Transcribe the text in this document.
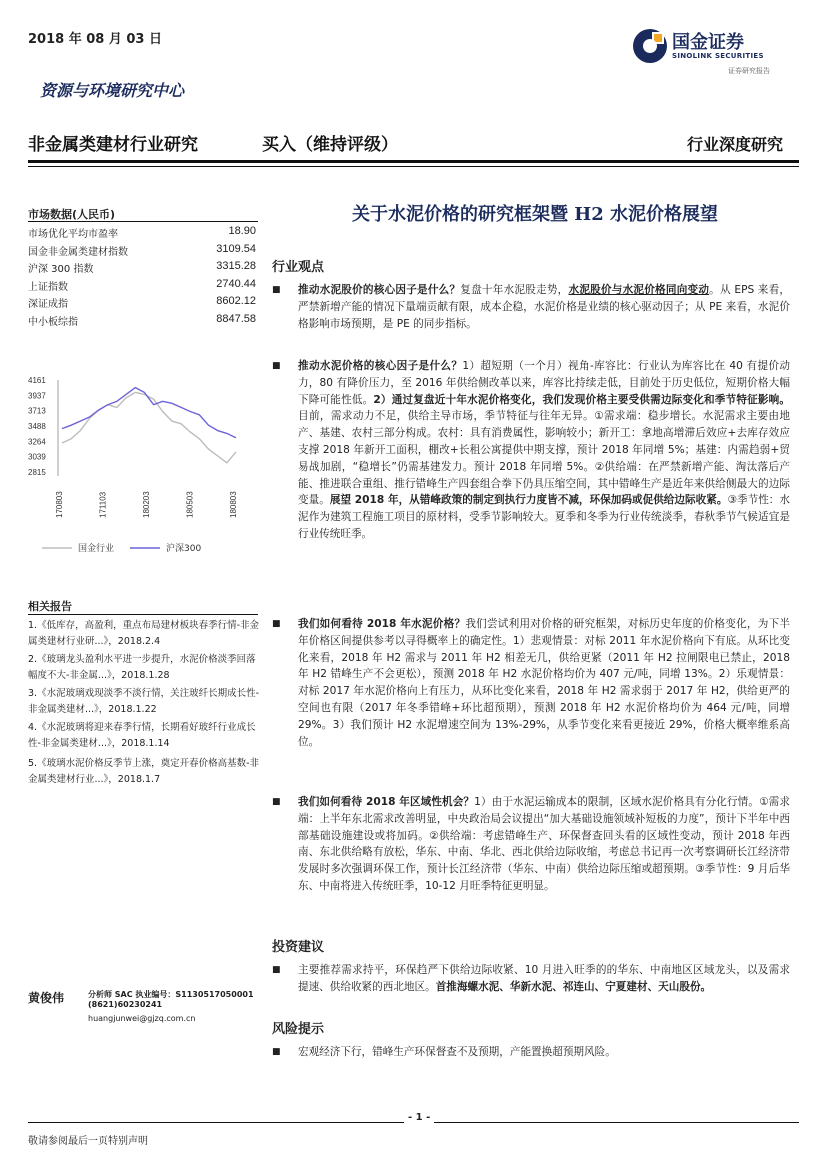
2018 年 08 月 03 日
资源与环境研究中心
非金属类建材行业研究	买入（维持评级）	行业深度研究
国金证券
SINOLINK SECURITIES
证券研究报告
市场数据(人民币)
市场优化平均市盈率	18.90
国金非金属类建材指数	3109.54
沪深 300 指数	3315.28
上证指数	2740.44
深证成指	8602.12
中小板综指	8847.58
4161
3937
3713
3488
3264
3039
2815
170803	171103	180203	180503	180803
国金行业	沪深300
相关报告
1.《低库存，高盈利，重点布局建材板块春季行情-非金属类建材行业研...》，2018.2.4
2.《玻璃龙头盈利水平进一步提升，水泥价格淡季回落幅度不大-非金属...》，2018.1.28
3.《水泥玻璃戏现淡季不淡行情，关注玻纤长期成长性-非金属类建材...》，2018.1.22
4.《水泥玻璃将迎来春季行情，长期看好玻纤行业成长性-非金属类建材...》，2018.1.14
5.《玻璃水泥价格反季节上涨，奠定开春价格高基数-非金属类建材行业...》，2018.1.7
黄俊伟	分析师 SAC 执业编号：S1130517050001
(8621)60230241
huangjunwei@gjzq.com.cn
关于水泥价格的研究框架暨 H2 水泥价格展望
行业观点
■	推动水泥股价的核心因子是什么？复盘十年水泥股走势，水泥股价与水泥价格同向变动。从 EPS 来看，严禁新增产能的情况下量端贡献有限，成本企稳，水泥价格是业绩的核心驱动因子；从 PE 来看，水泥价格影响市场预期，是 PE 的同步指标。
■	推动水泥价格的核心因子是什么？1）超短期（一个月）视角-库容比：行业认为库容比在 40 有提价动力，80 有降价压力，至 2016 年供给侧改革以来，库容比持续走低，目前处于历史低位，短期价格大幅下降可能性低。2）通过复盘近十年水泥价格变化，我们发现价格主要受供需边际变化和季节特征影响。目前，需求动力不足，供给主导市场，季节特征与往年无异。①需求端：稳步增长。水泥需求主要由地产、基建、农村三部分构成。农村：具有消费属性，影响较小；新开工：拿地高增滞后效应+去库存效应支撑 2018 年新开工面积，棚改+长租公寓提供中期支撑，预计 2018 年同增 5%；基建：内需趋弱+贸易战加剧，“稳增长”仍需基建发力。预计 2018 年同增 5%。②供给端：在严禁新增产能、淘汰落后产能、推进联合重组、推行错峰生产四套组合拳下仍具压缩空间，其中错峰生产是近年来供给侧最大的边际变量。展望 2018 年，从错峰政策的制定到执行力度皆不减，环保加码或促供给边际收紧。③季节性：水泥作为建筑工程施工项目的原材料，受季节影响较大。夏季和冬季为行业传统淡季，春秋季节气候适宜是行业传统旺季。
■	我们如何看待 2018 年水泥价格？我们尝试利用对价格的研究框架，对标历史年度的价格变化，为下半年价格区间提供参考以寻得概率上的确定性。1）悲观情景：对标 2011 年水泥价格向下有底。从环比变化来看，2018 年 H2 需求与 2011 年 H2 相差无几，供给更紧（2011 年 H2 拉闸限电已禁止，2018 年 H2 错峰生产不会更松），预测 2018 年 H2 水泥价格均价为 407 元/吨，同增 13%。2）乐观情景：对标 2017 年水泥价格向上有压力，从环比变化来看，2018 年 H2 需求弱于 2017 年 H2，供给更严的空间也有限（2017 年冬季错峰+环比超预期），预测 2018 年 H2 水泥价格均价为 464 元/吨，同增 29%。3）我们预计 H2 水泥增速空间为 13%-29%，从季节变化来看更接近 29%，价格大概率维系高位。
■	我们如何看待 2018 年区域性机会？1）由于水泥运输成本的限制，区域水泥价格具有分化行情。①需求端：上半年东北需求改善明显，中央政治局会议提出“加大基础设施领域补短板的力度”，预计下半年中西部基础设施建设或将加码。②供给端：考虑错峰生产、环保督查回头看的区域性变动，预计 2018 年西南、东北供给略有放松，华东、中南、华北、西北供给边际收缩，考虑总书记再一次考察调研长江经济带发展时多次强调环保工作，预计长江经济带（华东、中南）供给边际压缩或超预期。③季节性：9 月后华东、中南将进入传统旺季，10-12 月旺季特征更明显。
投资建议
■	主要推荐需求持平，环保趋严下供给边际收紧、10 月进入旺季的的华东、中南地区区域龙头，以及需求提速、供给收紧的西北地区。首推海螺水泥、华新水泥、祁连山、宁夏建材、天山股份。
风险提示
■	宏观经济下行，错峰生产环保督查不及预期，产能置换超预期风险。
- 1 -
敬请参阅最后一页特别声明
